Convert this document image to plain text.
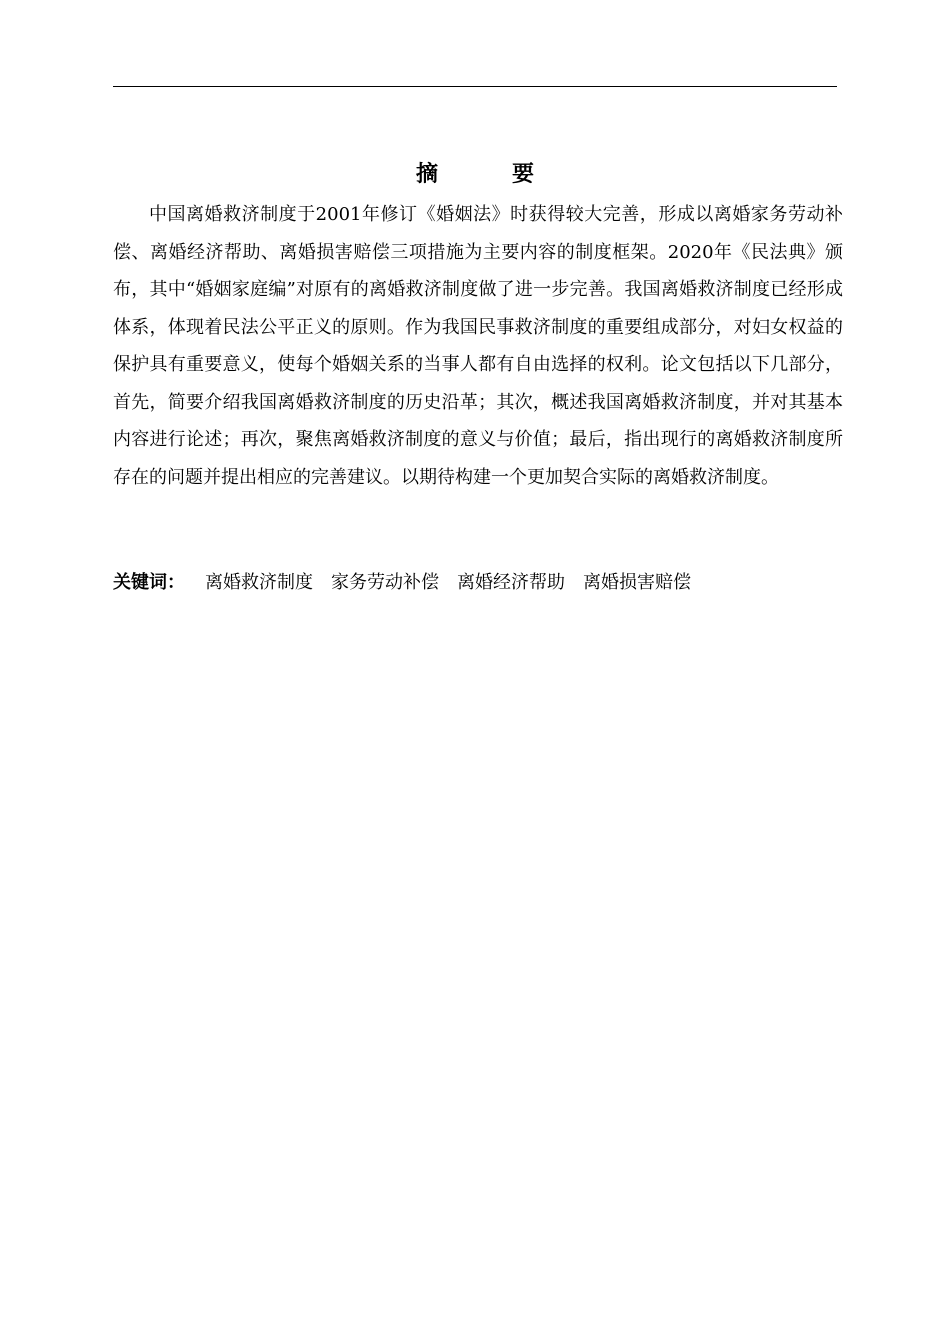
摘　要

中国离婚救济制度于2001年修订《婚姻法》时获得较大完善，形成以离婚家务劳动补偿、离婚经济帮助、离婚损害赔偿三项措施为主要内容的制度框架。2020年《民法典》颁布，其中“婚姻家庭编”对原有的离婚救济制度做了进一步完善。我国离婚救济制度已经形成体系，体现着民法公平正义的原则。作为我国民事救济制度的重要组成部分，对妇女权益的保护具有重要意义，使每个婚姻关系的当事人都有自由选择的权利。论文包括以下几部分，首先，简要介绍我国离婚救济制度的历史沿革；其次，概述我国离婚救济制度，并对其基本内容进行论述；再次，聚焦离婚救济制度的意义与价值；最后，指出现行的离婚救济制度所存在的问题并提出相应的完善建议。以期待构建一个更加契合实际的离婚救济制度。

关键词： 离婚救济制度 家务劳动补偿 离婚经济帮助 离婚损害赔偿
